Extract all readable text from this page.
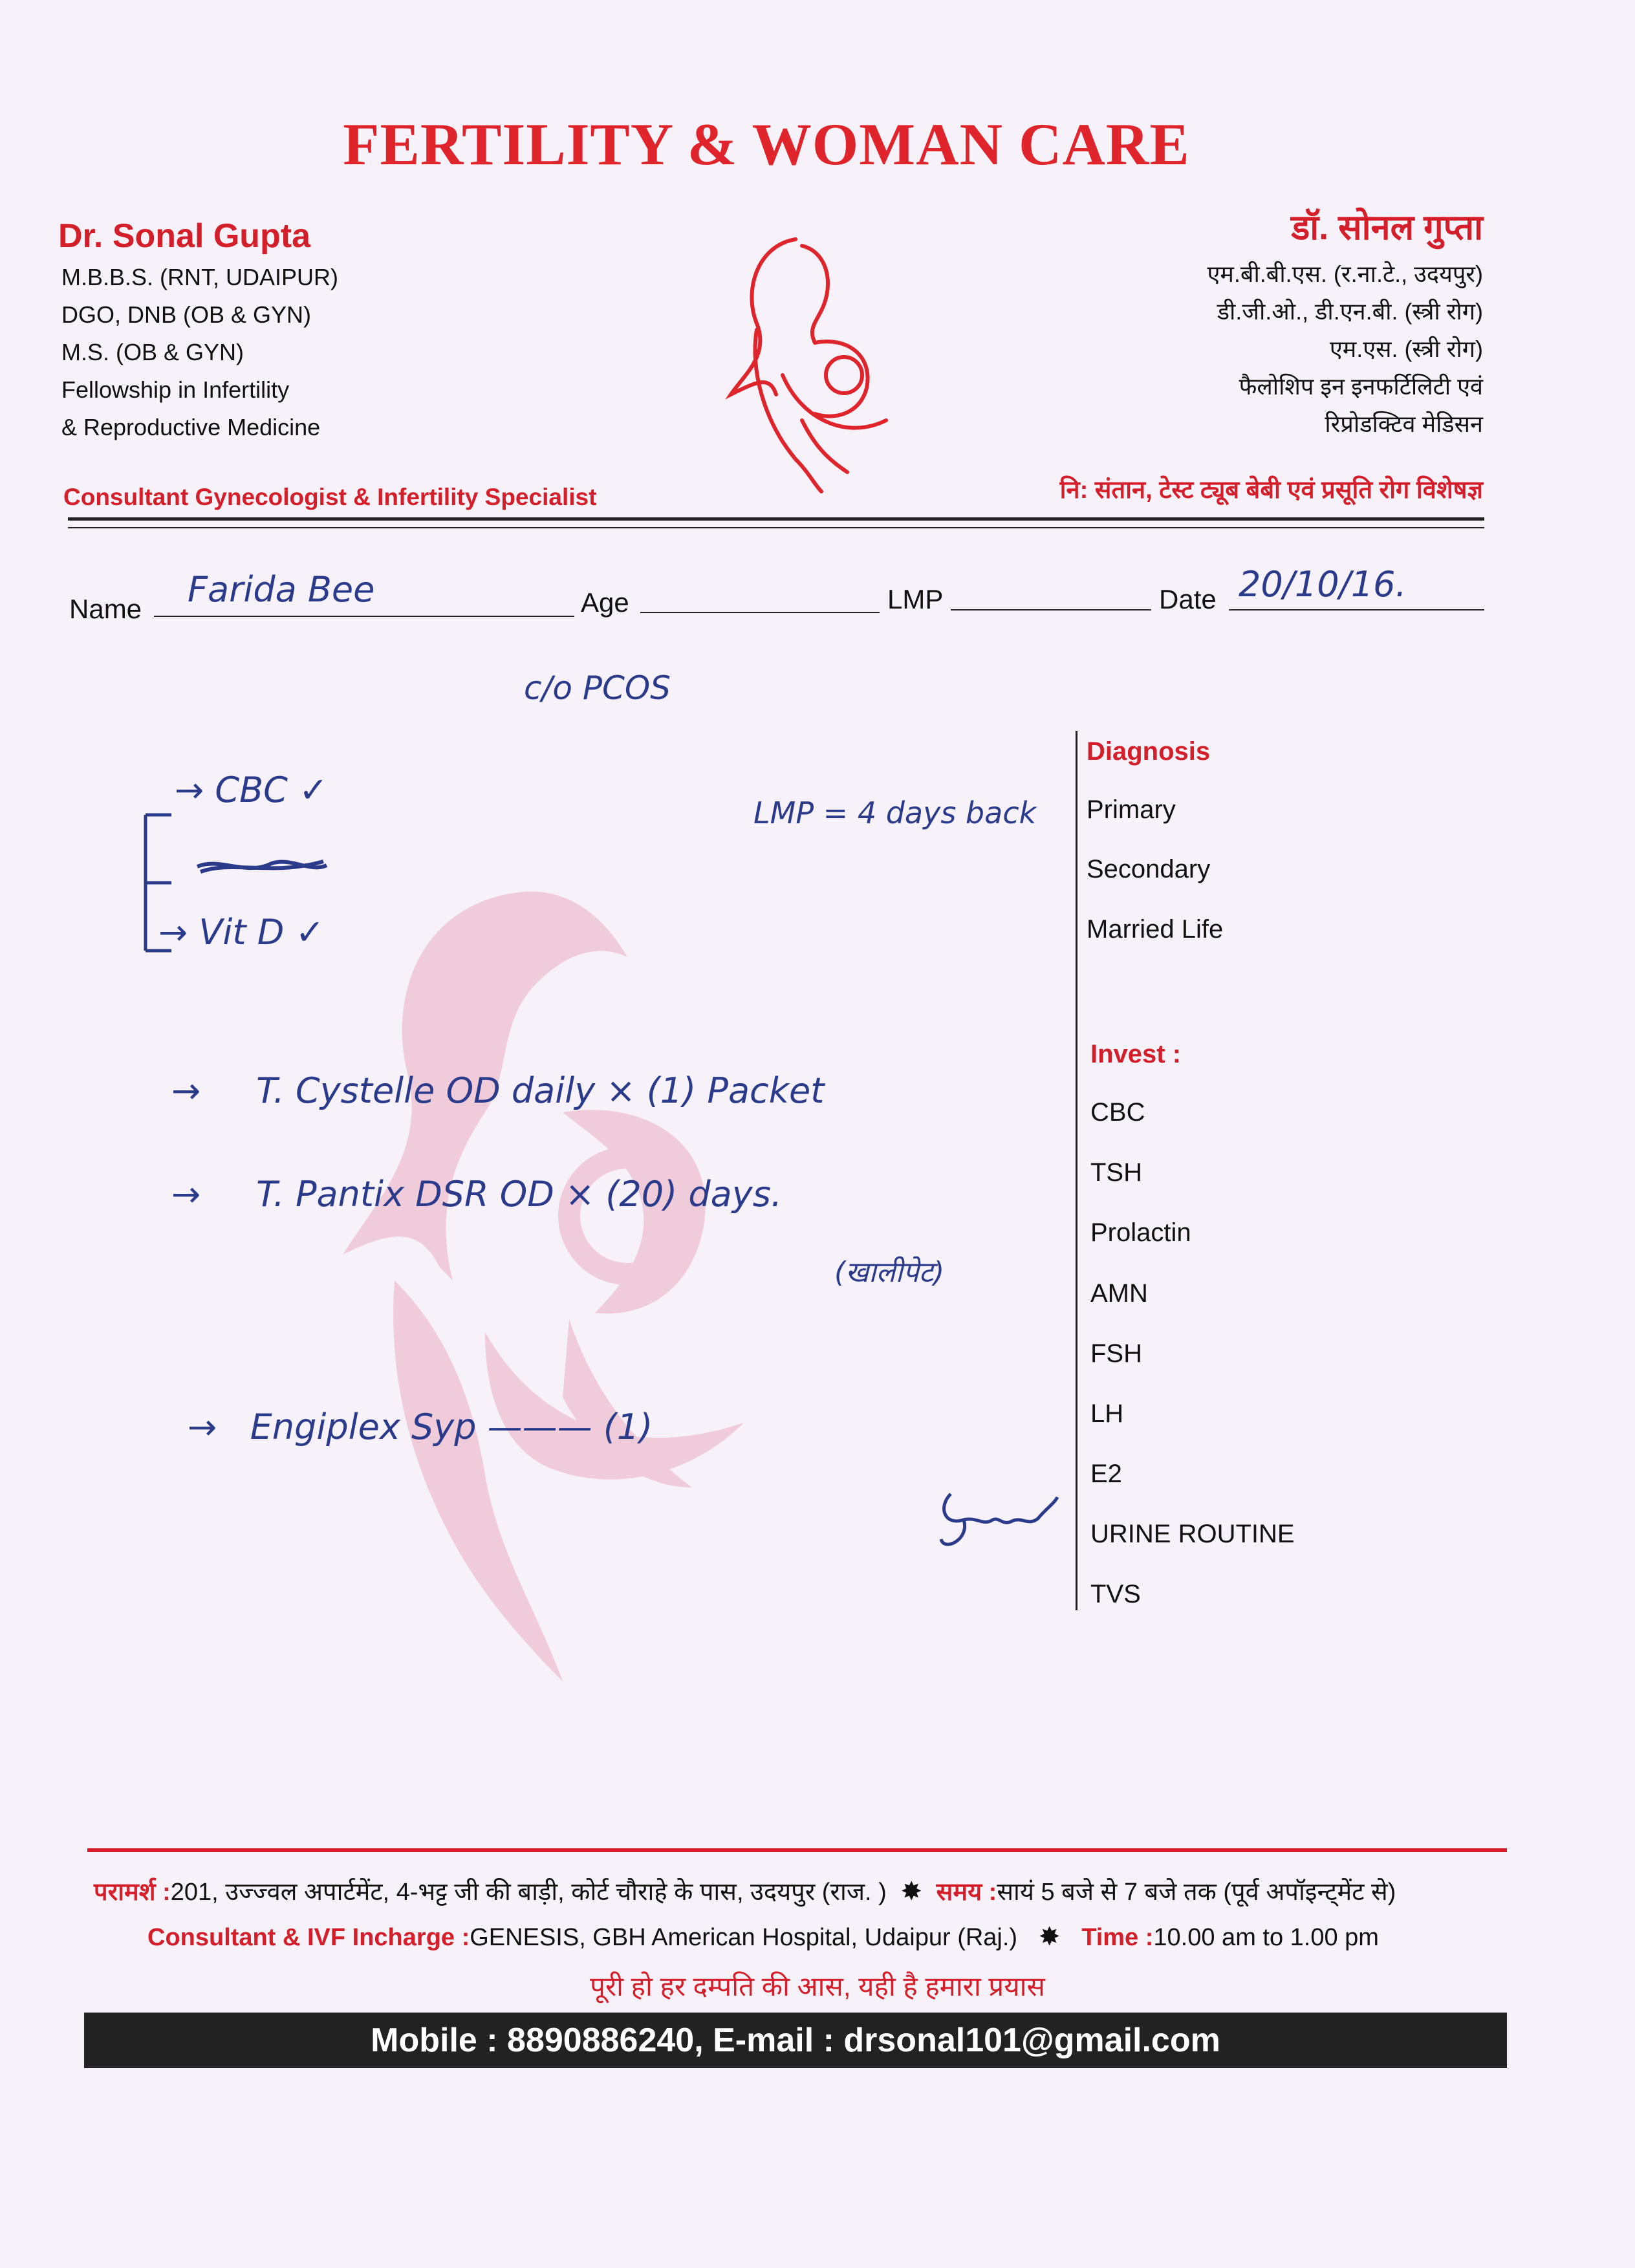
FERTILITY & WOMAN CARE
Dr. Sonal Gupta
M.B.B.S. (RNT, UDAIPUR)
DGO, DNB (OB & GYN)
M.S. (OB & GYN)
Fellowship in Infertility
& Reproductive Medicine
डॉ. सोनल गुप्ता
एम.बी.बी.एस. (र.ना.टे., उदयपुर)
डी.जी.ओ., डी.एन.बी. (स्त्री रोग)
एम.एस. (स्त्री रोग)
फैलोशिप इन इनफर्टिलिटी एवं
रिप्रोडक्टिव मेडिसन
Consultant Gynecologist & Infertility Specialist	नि: संतान, टेस्ट ट्यूब बेबी एवं प्रसूति रोग विशेषज्ञ
Name Farida Bee	Age	LMP	Date 20/10/16.
c/o PCOS
LMP = 4 days back
→ CBC ✓
→ Vit D ✓
→     T. Cystelle OD daily × (1) Packet
→     T. Pantix DSR OD × (20) days.
(खालीपेट)
→   Engiplex Syp ——— (1)
Diagnosis
Primary
Secondary
Married Life
Invest :
CBC
TSH
Prolactin
AMN
FSH
LH
E2
URINE ROUTINE
TVS
परामर्श :201, उज्ज्वल अपार्टमेंट, 4-भट्ट जी की बाड़ी, कोर्ट चौराहे के पास, उदयपुर (राज. )  ✸  समय :सायं 5 बजे से 7 बजे तक (पूर्व अपॉइन्ट्मेंट से)
Consultant & IVF Incharge :GENESIS, GBH American Hospital, Udaipur (Raj.)   ✸   Time :10.00 am to 1.00 pm
पूरी हो हर दम्पति की आस, यही है हमारा प्रयास
Mobile : 8890886240, E-mail : drsonal101@gmail.com
